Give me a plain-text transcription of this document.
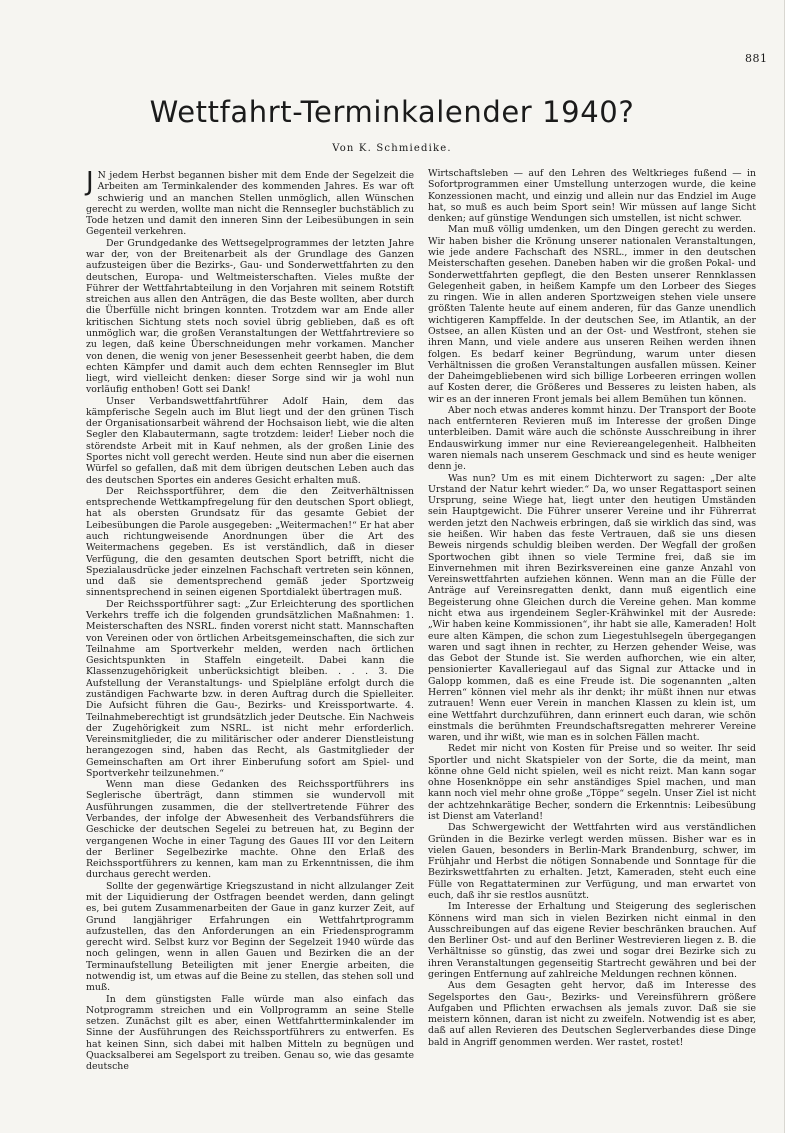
881
Wettfahrt-Terminkalender 1940?
Von K. Schmiedike.

J N jedem Herbst begannen bisher mit dem Ende der Segelzeit die Arbeiten am Terminkalender des kommenden Jahres. Es war oft schwierig und an manchen Stellen unmöglich, allen Wünschen gerecht zu werden, wollte man nicht die Rennsegler buchstäblich zu Tode hetzen und damit den inneren Sinn der Leibesübungen in sein Gegenteil verkehren.

Der Grundgedanke des Wettsegelprogrammes der letzten Jahre war der, von der Breitenarbeit als der Grundlage des Ganzen aufzusteigen über die Bezirks-, Gau- und Sonderwettfahrten zu den deutschen, Europa- und Weltmeisterschaften. Vieles mußte der Führer der Wettfahrtabteilung in den Vorjahren mit seinem Rotstift streichen aus allen den Anträgen, die das Beste wollten, aber durch die Überfülle nicht bringen konnten. Trotzdem war am Ende aller kritischen Sichtung stets noch soviel übrig geblieben, daß es oft unmöglich war, die großen Veranstaltungen der Wettfahrtreviere so zu legen, daß keine Überschneidungen mehr vorkamen. Mancher von denen, die wenig von jener Besessenheit geerbt haben, die dem echten Kämpfer und damit auch dem echten Rennsegler im Blut liegt, wird vielleicht denken: dieser Sorge sind wir ja wohl nun vorläufig enthoben! Gott sei Dank!

Unser Verbandswettfahrtführer Adolf Hain, dem das kämpferische Segeln auch im Blut liegt und der den grünen Tisch der Organisationsarbeit während der Hochsaison liebt, wie die alten Segler den Klabautermann, sagte trotzdem: leider! Lieber noch die störendste Arbeit mit in Kauf nehmen, als der großen Linie des Sportes nicht voll gerecht werden. Heute sind nun aber die eisernen Würfel so gefallen, daß mit dem übrigen deutschen Leben auch das des deutschen Sportes ein anderes Gesicht erhalten muß.

Der Reichssportführer, dem die den Zeitverhältnissen entsprechende Wettkampfregelung für den deutschen Sport obliegt, hat als obersten Grundsatz für das gesamte Gebiet der Leibesübungen die Parole ausgegeben: „Weitermachen!“ Er hat aber auch richtungweisende Anordnungen über die Art des Weitermachens gegeben. Es ist verständlich, daß in dieser Verfügung, die den gesamten deutschen Sport betrifft, nicht die Spezialausdrücke jeder einzelnen Fachschaft vertreten sein können, und daß sie dementsprechend gemäß jeder Sportzweig sinnentsprechend in seinen eigenen Sportdialekt übertragen muß.

Der Reichssportführer sagt: „Zur Erleichterung des sportlichen Verkehrs treffe ich die folgenden grundsätzlichen Maßnahmen: 1. Meisterschaften des NSRL. finden vorerst nicht statt. Mannschaften von Vereinen oder von örtlichen Arbeitsgemeinschaften, die sich zur Teilnahme am Sportverkehr melden, werden nach örtlichen Gesichtspunkten in Staffeln eingeteilt. Dabei kann die Klassenzugehörigkeit unberücksichtigt bleiben. . . . 3. Die Aufstellung der Veranstaltungs- und Spielpläne erfolgt durch die zuständigen Fachwarte bzw. in deren Auftrag durch die Spielleiter. Die Aufsicht führen die Gau-, Bezirks- und Kreissportwarte. 4. Teilnahmeberechtigt ist grundsätzlich jeder Deutsche. Ein Nachweis der Zugehörigkeit zum NSRL. ist nicht mehr erforderlich. Vereinsmitglieder, die zu militärischer oder anderer Dienstleistung herangezogen sind, haben das Recht, als Gastmitglieder der Gemeinschaften am Ort ihrer Einberufung sofort am Spiel- und Sportverkehr teilzunehmen.“

Wenn man diese Gedanken des Reichssportführers ins Seglerische überträgt, dann stimmen sie wundervoll mit Ausführungen zusammen, die der stellvertretende Führer des Verbandes, der infolge der Abwesenheit des Verbandsführers die Geschicke der deutschen Segelei zu betreuen hat, zu Beginn der vergangenen Woche in einer Tagung des Gaues III vor den Leitern der Berliner Segelbezirke machte. Ohne den Erlaß des Reichssportführers zu kennen, kam man zu Erkenntnissen, die ihm durchaus gerecht werden.

Sollte der gegenwärtige Kriegszustand in nicht allzulanger Zeit mit der Liquidierung der Ostfragen beendet werden, dann gelingt es, bei gutem Zusammenarbeiten der Gaue in ganz kurzer Zeit, auf Grund langjähriger Erfahrungen ein Wettfahrtprogramm aufzustellen, das den Anforderungen an ein Friedensprogramm gerecht wird. Selbst kurz vor Beginn der Segelzeit 1940 würde das noch gelingen, wenn in allen Gauen und Bezirken die an der Terminaufstellung Beteiligten mit jener Energie arbeiten, die notwendig ist, um etwas auf die Beine zu stellen, das stehen soll und muß.

In dem günstigsten Falle würde man also einfach das Notprogramm streichen und ein Vollprogramm an seine Stelle setzen. Zunächst gilt es aber, einen Wettfahrtterminkalender im Sinne der Ausführungen des Reichssportführers zu entwerfen. Es hat keinen Sinn, sich dabei mit halben Mitteln zu begnügen und Quacksalberei am Segelsport zu treiben. Genau so, wie das gesamte deutsche

Wirtschaftsleben — auf den Lehren des Weltkrieges fußend — in Sofortprogrammen einer Umstellung unterzogen wurde, die keine Konzessionen macht, und einzig und allein nur das Endziel im Auge hat, so muß es auch beim Sport sein! Wir müssen auf lange Sicht denken; auf günstige Wendungen sich umstellen, ist nicht schwer.

Man muß völlig umdenken, um den Dingen gerecht zu werden. Wir haben bisher die Krönung unserer nationalen Veranstaltungen, wie jede andere Fachschaft des NSRL., immer in den deutschen Meisterschaften gesehen. Daneben haben wir die großen Pokal- und Sonderwettfahrten gepflegt, die den Besten unserer Rennklassen Gelegenheit gaben, in heißem Kampfe um den Lorbeer des Sieges zu ringen. Wie in allen anderen Sportzweigen stehen viele unsere größten Talente heute auf einem anderen, für das Ganze unendlich wichtigeren Kampffelde. In der deutschen See, im Atlantik, an der Ostsee, an allen Küsten und an der Ost- und Westfront, stehen sie ihren Mann, und viele andere aus unseren Reihen werden ihnen folgen. Es bedarf keiner Begründung, warum unter diesen Verhältnissen die großen Veranstaltungen ausfallen müssen. Keiner der Daheimgebliebenen wird sich billige Lorbeeren erringen wollen auf Kosten derer, die Größeres und Besseres zu leisten haben, als wir es an der inneren Front jemals bei allem Bemühen tun können.

Aber noch etwas anderes kommt hinzu. Der Transport der Boote nach entfernteren Revieren muß im Interesse der großen Dinge unterbleiben. Damit wäre auch die schönste Ausschreibung in ihrer Endauswirkung immer nur eine Reviereangelegenheit. Halbheiten waren niemals nach unserem Geschmack und sind es heute weniger denn je.

Was nun? Um es mit einem Dichterwort zu sagen: „Der alte Urstand der Natur kehrt wieder.“ Da, wo unser Regattasport seinen Ursprung, seine Wiege hat, liegt unter den heutigen Umständen sein Hauptgewicht. Die Führer unserer Vereine und ihr Führerrat werden jetzt den Nachweis erbringen, daß sie wirklich das sind, was sie heißen. Wir haben das feste Vertrauen, daß sie uns diesen Beweis nirgends schuldig bleiben werden. Der Wegfall der großen Sportwochen gibt ihnen so viele Termine frei, daß sie im Einvernehmen mit ihren Bezirksvereinen eine ganze Anzahl von Vereinswettfahrten aufziehen können. Wenn man an die Fülle der Anträge auf Vereinsregatten denkt, dann muß eigentlich eine Begeisterung ohne Gleichen durch die Vereine gehen. Man komme nicht etwa aus irgendeinem Segler-Krähwinkel mit der Ausrede: „Wir haben keine Kommissionen“, ihr habt sie alle, Kameraden! Holt eure alten Kämpen, die schon zum Liegestuhlsegeln übergegangen waren und sagt ihnen in rechter, zu Herzen gehender Weise, was das Gebot der Stunde ist. Sie werden aufhorchen, wie ein alter, pensionierter Kavalleriegaul auf das Signal zur Attacke und in Galopp kommen, daß es eine Freude ist. Die sogenannten „alten Herren“ können viel mehr als ihr denkt; ihr müßt ihnen nur etwas zutrauen! Wenn euer Verein in manchen Klassen zu klein ist, um eine Wettfahrt durchzuführen, dann erinnert euch daran, wie schön einstmals die berühmten Freundschaftsregatten mehrerer Vereine waren, und ihr wißt, wie man es in solchen Fällen macht.

Redet mir nicht von Kosten für Preise und so weiter. Ihr seid Sportler und nicht Skatspieler von der Sorte, die da meint, man könne ohne Geld nicht spielen, weil es nicht reizt. Man kann sogar ohne Hosenknöppe ein sehr anständiges Spiel machen, und man kann noch viel mehr ohne große „Töppe“ segeln. Unser Ziel ist nicht der achtzehnkarätige Becher, sondern die Erkenntnis: Leibesübung ist Dienst am Vaterland!

Das Schwergewicht der Wettfahrten wird aus verständlichen Gründen in die Bezirke verlegt werden müssen. Bisher war es in vielen Gauen, besonders in Berlin-Mark Brandenburg, schwer, im Frühjahr und Herbst die nötigen Sonnabende und Sonntage für die Bezirkswettfahrten zu erhalten. Jetzt, Kameraden, steht euch eine Fülle von Regattaterminen zur Verfügung, und man erwartet von euch, daß ihr sie restlos ausnützt.

Im Interesse der Erhaltung und Steigerung des seglerischen Könnens wird man sich in vielen Bezirken nicht einmal in den Ausschreibungen auf das eigene Revier beschränken brauchen. Auf den Berliner Ost- und auf den Berliner Westrevieren liegen z. B. die Verhältnisse so günstig, das zwei und sogar drei Bezirke sich zu ihren Veranstaltungen gegenseitig Startrecht gewähren und bei der geringen Entfernung auf zahlreiche Meldungen rechnen können.

Aus dem Gesagten geht hervor, daß im Interesse des Segelsportes den Gau-, Bezirks- und Vereinsführern größere Aufgaben und Pflichten erwachsen als jemals zuvor. Daß sie sie meistern können, daran ist nicht zu zweifeln. Notwendig ist es aber, daß auf allen Revieren des Deutschen Seglerverbandes diese Dinge bald in Angriff genommen werden. Wer rastet, rostet!
